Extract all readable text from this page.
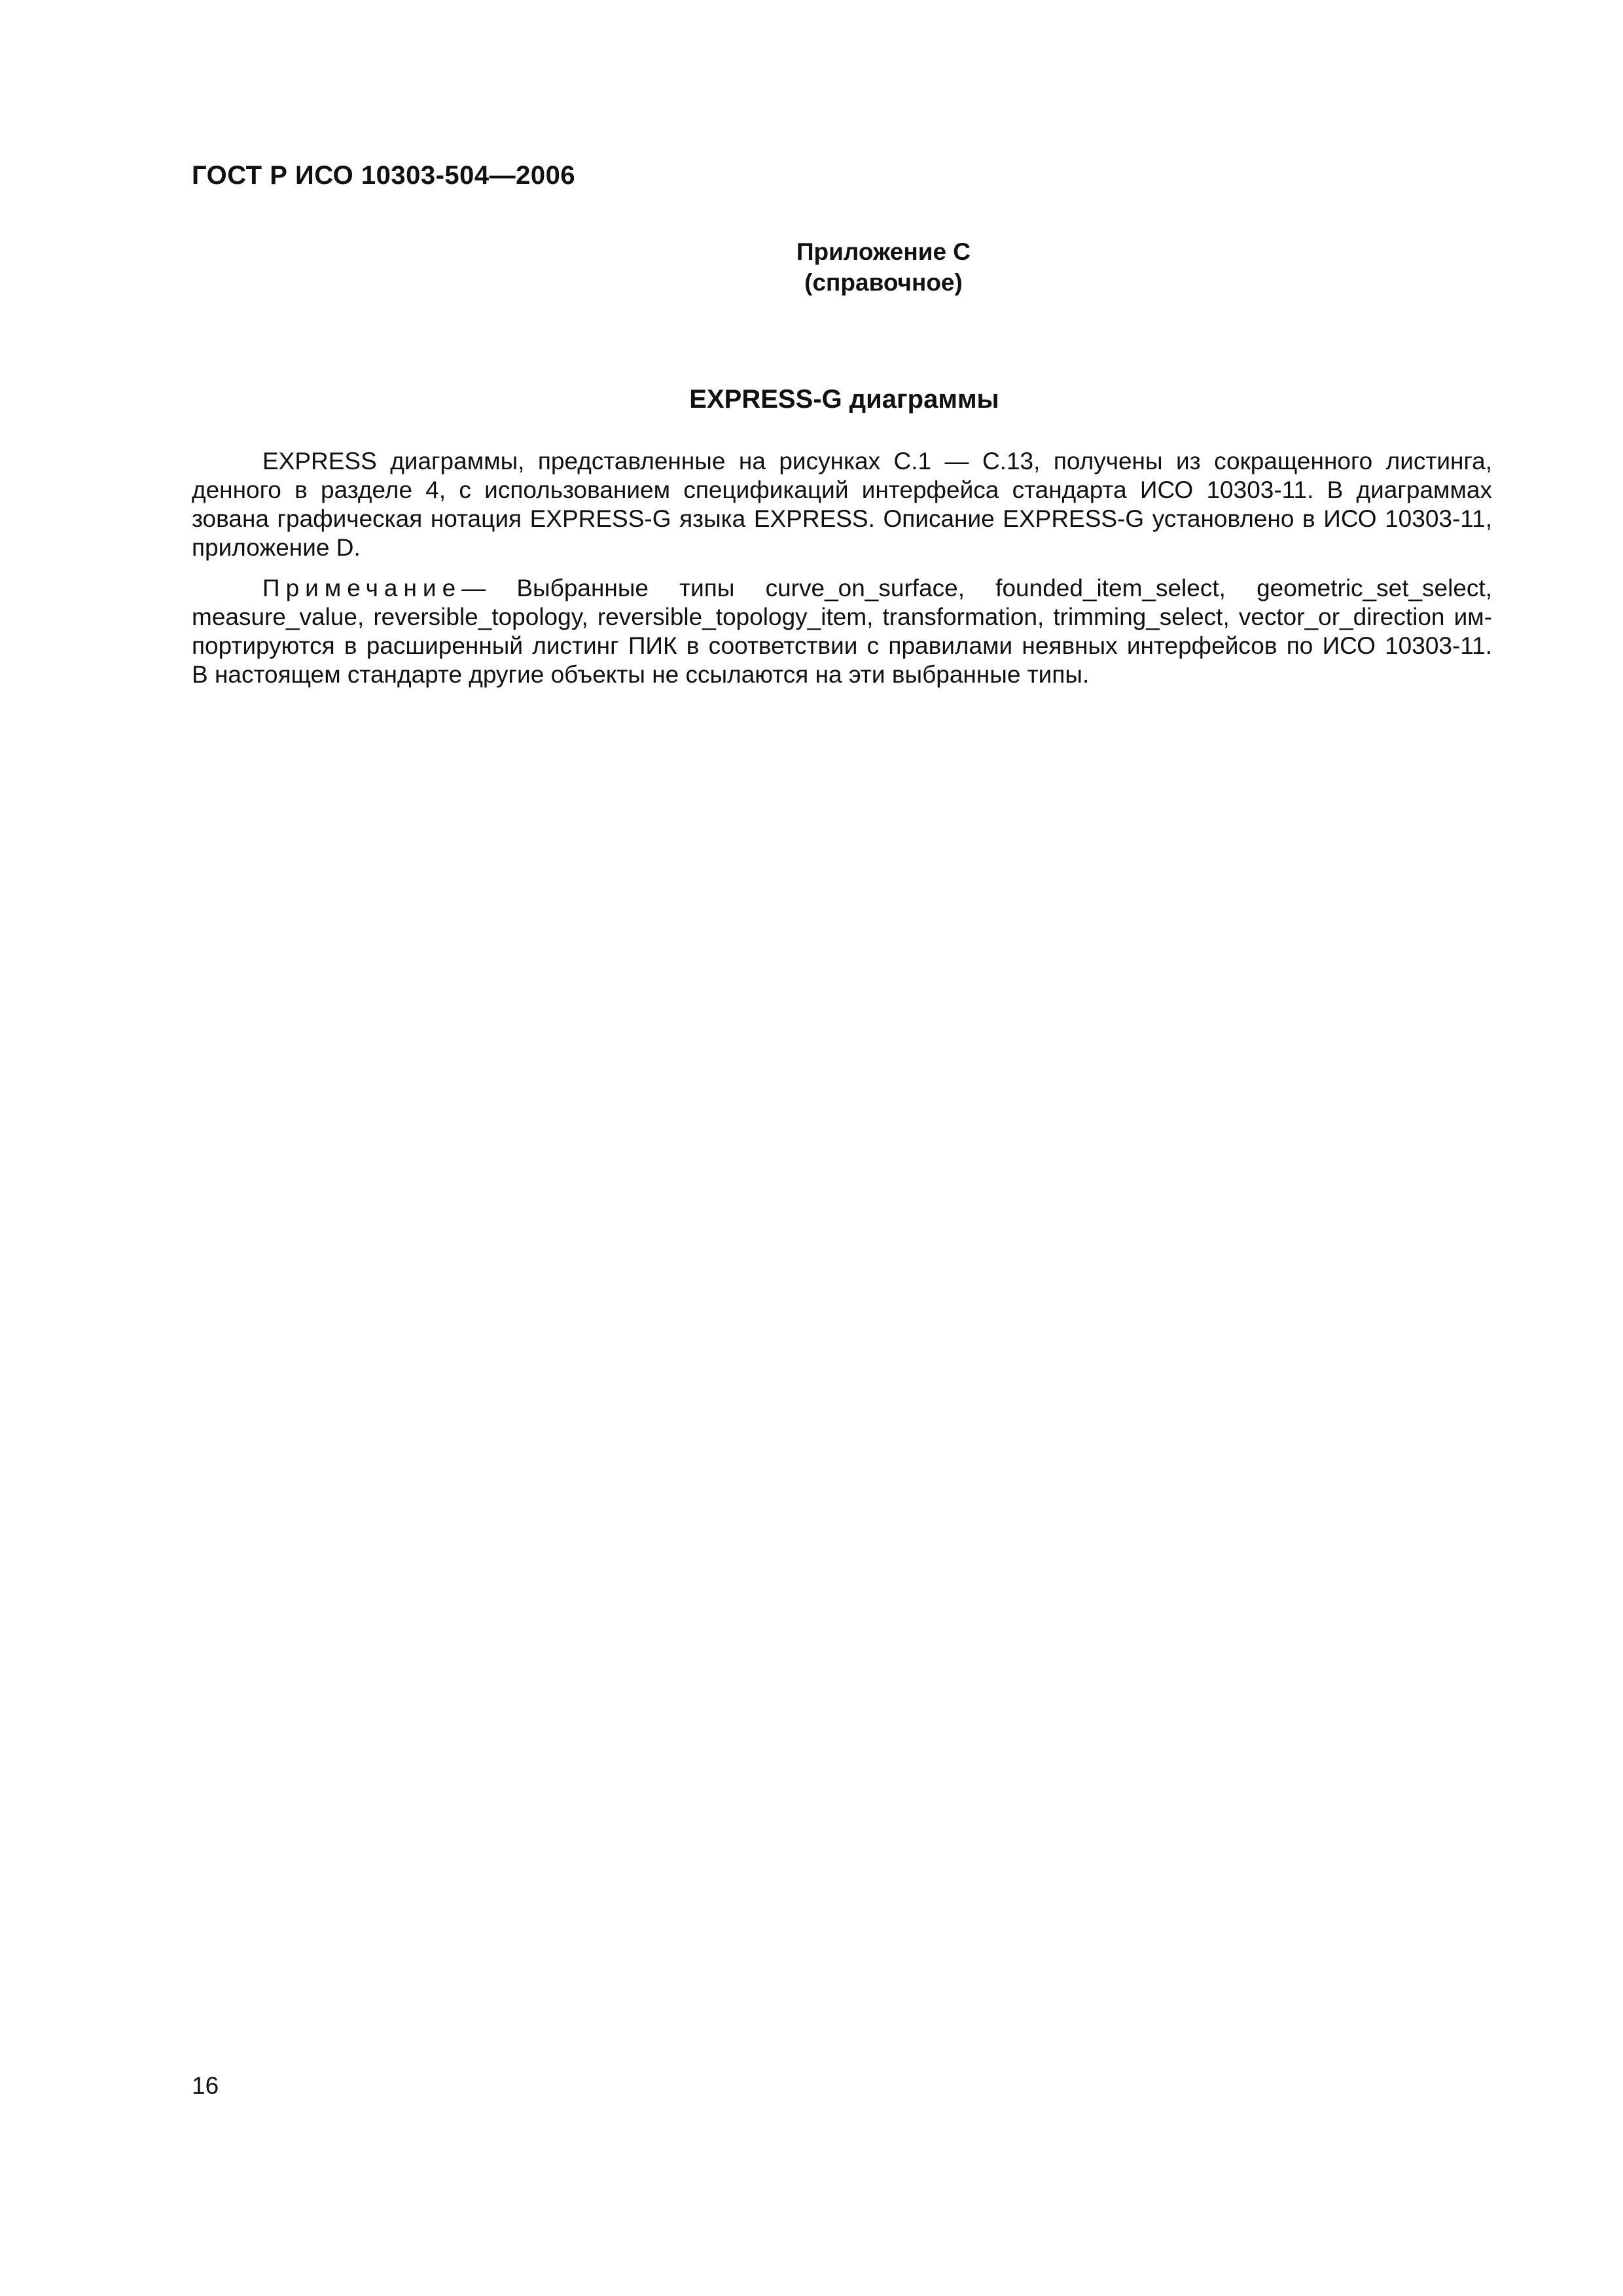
ГОСТ Р ИСО 10303-504—2006
Приложение С
(справочное)
EXPRESS-G диаграммы
EXPRESS диаграммы, представленные на рисунках С.1 — С.13, получены из сокращенного листинга,
денного в разделе 4, с использованием спецификаций интерфейса стандарта ИСО 10303-11. В диаграммах
зована графическая нотация EXPRESS-G языка EXPRESS. Описание EXPRESS-G установлено в ИСО 10303-11,
приложение D.
Примечание— Выбранные типы curve_on_surface, founded_item_select, geometric_set_select,
measure_value, reversible_topology, reversible_topology_item, transformation, trimming_select, vector_or_direction им-
портируются в расширенный листинг ПИК в соответствии с правилами неявных интерфейсов по ИСО 10303-11.
В настоящем стандарте другие объекты не ссылаются на эти выбранные типы.
16
